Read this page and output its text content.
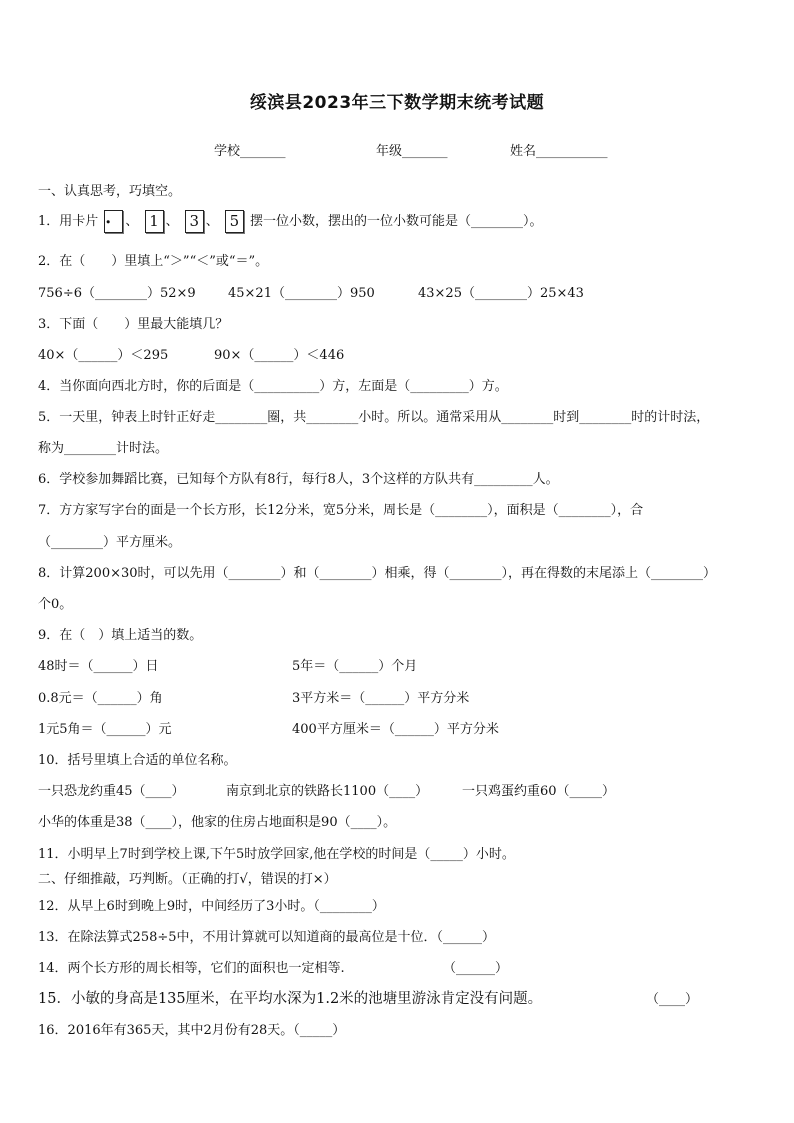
绥滨县2023年三下数学期末统考试题
学校_______	年级_______	姓名___________
一、认真思考，巧填空。
1．用卡片 ． 、 1 、 3 、 5 摆一位小数，摆出的一位小数可能是（________）。
2．在（　　）里填上“＞”“＜”或“＝”。
756÷6（________）52×9 45×21（________）950	43×25（________）25×43
3．下面（　　）里最大能填几？
40×（______）＜295	90×（______）＜446
4．当你面向西北方时，你的后面是（__________）方，左面是（_________）方。
5．一天里，钟表上时针正好走________圈，共________小时。所以。通常采用从________时到________时的计时法，
称为________计时法。
6．学校参加舞蹈比赛，已知每个方队有8行，每行8人，3个这样的方队共有_________人。
7．方方家写字台的面是一个长方形，长12分米，宽5分米，周长是（________），面积是（________），合
（________）平方厘米。
8．计算200×30时，可以先用（________）和（________）相乘，得（________），再在得数的末尾添上（________）
个0。
9．在（　）填上适当的数。
48时＝（______）日	5年＝（______）个月
0.8元＝（______）角	3平方米＝（______）平方分米
1元5角＝（______）元	400平方厘米＝（______）平方分米
10．括号里填上合适的单位名称。
一只恐龙约重45（____）	南京到北京的铁路长1100（____）	一只鸡蛋约重60（_____）
小华的体重是38（____），他家的住房占地面积是90（____）。
11．小明早上7时到学校上课,下午5时放学回家,他在学校的时间是（_____）小时。
二、仔细推敲，巧判断。（正确的打√，错误的打×）
12．从早上6时到晚上9时，中间经历了3小时。（________）
13．在除法算式258÷5中，不用计算就可以知道商的最高位是十位．（______）
14．两个长方形的周长相等，它们的面积也一定相等.	（______）
15．小敏的身高是135厘米，在平均水深为1.2米的池塘里游泳肯定没有问题。	（____）
16．2016年有365天，其中2月份有28天。（_____）
